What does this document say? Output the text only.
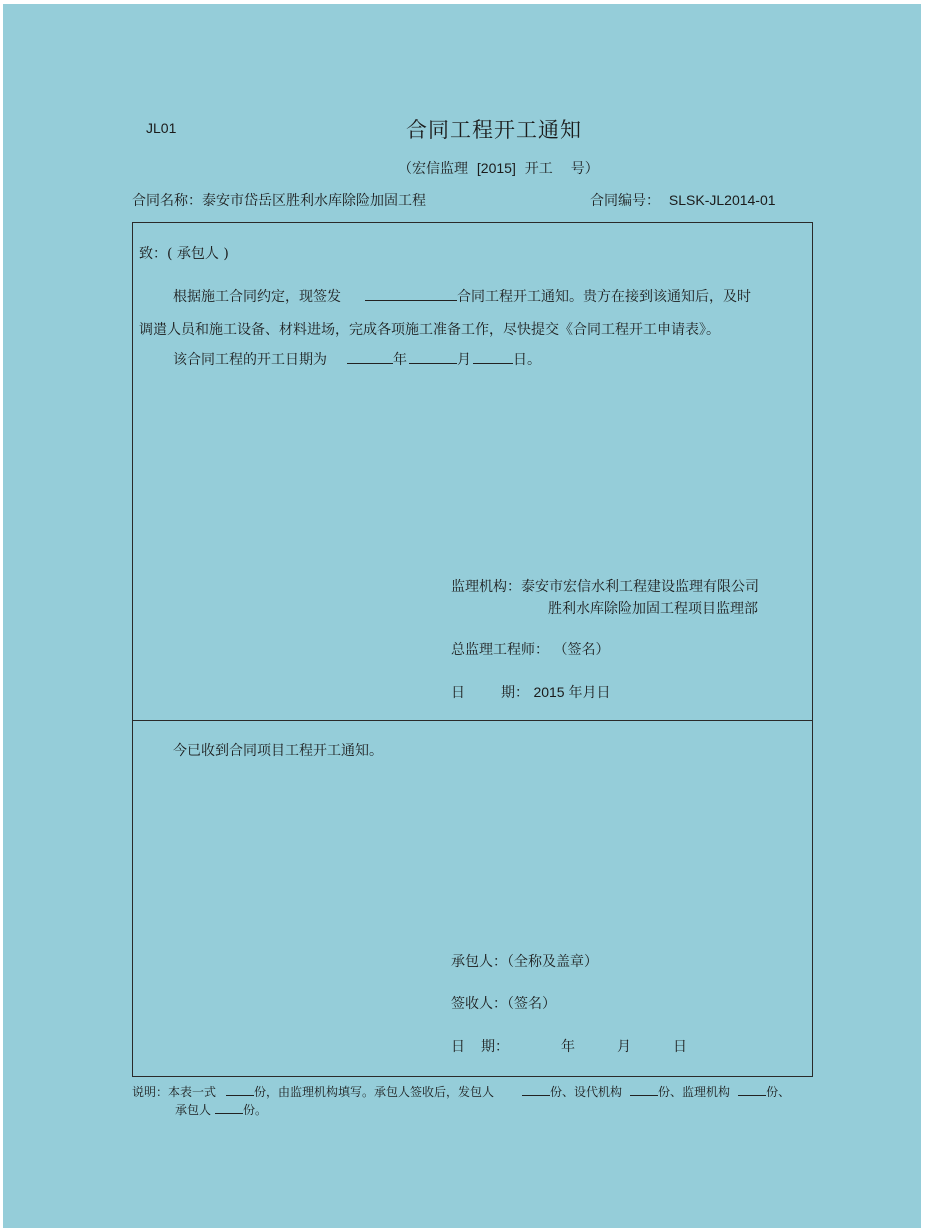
JL01	合同工程开工通知
（宏信监理 [2015] 开工 号）
合同名称：泰安市岱岳区胜利水库除险加固工程	合同编号： SLSK-JL2014-01
致：( 承包人 )
根据施工合同约定，现签发	合同工程开工通知。贵方在接到该通知后，及时
调遣人员和施工设备、材料进场，完成各项施工准备工作，尽快提交《合同工程开工申请表》。
该合同工程的开工日期为	年	月	日。
监理机构：泰安市宏信水利工程建设监理有限公司
胜利水库除险加固工程项目监理部
总监理工程师： （签名）
日	期： 2015 年月日
今已收到合同项目工程开工通知。
承包人：（全称及盖章）
签收人：（签名）
日 期：	年	月	日
说明：本表一式	份，由监理机构填写。承包人签收后，发包人	份、设代机构	份、监理机构	份、
承包人	份。
